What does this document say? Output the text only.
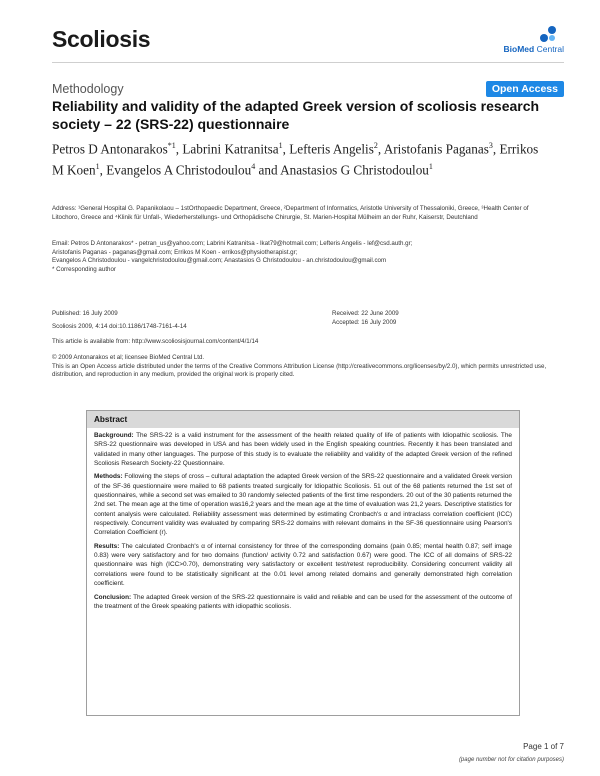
Scoliosis	BioMed Central
Methodology	Open Access
Reliability and validity of the adapted Greek version of scoliosis research society – 22 (SRS-22) questionnaire
Petros D Antonarakos$^{*1}$, Labrini Katranitsa$^1$, Lefteris Angelis$^2$, Aristofanis Paganas$^3$, Errikos M Koen$^1$, Evangelos A Christodoulou$^4$ and Anastasios G Christodoulou$^1$
Address: ¹General Hospital G. Papanikolaou – 1stOrthopaedic Department, Greece, ²Department of Informatics, Aristotle University of Thessaloniki, Greece, ³Health Center of Litochoro, Greece and ⁴Klinik für Unfall-, Wiederherstellungs- und Orthopädische Chirurgie, St. Marien-Hospital Mülheim an der Ruhr, Kaiserstr, Deutchland
Email: Petros D Antonarakos* - petran_us@yahoo.com; Labrini Katranitsa - lkat79@hotmail.com; Lefteris Angelis - lef@csd.auth.gr;
Aristofanis Paganas - paganas@gmail.com; Errikos M Koen - errikos@physiotherapist.gr;
Evangelos A Christodoulou - vangelchristodoulou@gmail.com; Anastasios G Christodoulou - an.christodoulou@gmail.com
* Corresponding author
Published: 16 July 2009
Scoliosis 2009, 4:14 doi:10.1186/1748-7161-4-14
Received: 22 June 2009
Accepted: 16 July 2009
This article is available from: http://www.scoliosisjournal.com/content/4/1/14
© 2009 Antonarakos et al; licensee BioMed Central Ltd.
This is an Open Access article distributed under the terms of the Creative Commons Attribution License (http://creativecommons.org/licenses/by/2.0), which permits unrestricted use, distribution, and reproduction in any medium, provided the original work is properly cited.
Abstract

Background: The SRS-22 is a valid instrument for the assessment of the health related quality of life of patients with Idiopathic scoliosis. The SRS-22 questionnaire was developed in USA and has been widely used in the English speaking countries. Recently it has been translated and validated in many other languages. The purpose of this study is to evaluate the reliability and validity of the adapted Greek version of the refined Scoliosis Research Society-22 Questionnaire.

Methods: Following the steps of cross – cultural adaptation the adapted Greek version of the SRS-22 questionnaire and a validated Greek version of the SF-36 questionnaire were mailed to 68 patients treated surgically for Idiopathic Scoliosis. 51 out of the 68 patients returned the 1st set of questionnaires, while a second set was emailed to 30 randomly selected patients of the first time responders. 20 out of the 30 patients returned the 2nd set. The mean age at the time of operation was16,2 years and the mean age at the time of evaluation was 21,2 years. Descriptive statistics for content analysis were calculated. Reliability assessment was determined by estimating Cronbach's α and intraclass correlation coefficient (ICC) respectively. Concurrent validity was evaluated by comparing SRS-22 domains with relevant domains in the SF-36 questionnaire using Pearson's Correlation Coefficient (r).

Results: The calculated Cronbach's α of internal consistency for three of the corresponding domains (pain 0.85; mental health 0.87; self image 0.83) were very satisfactory and for two domains (function/ activity 0.72 and satisfaction 0.67) were good. The ICC of all domains of SRS-22 questionnaire was high (ICC>0.70), demonstrating very satisfactory or excellent test/retest reproducibility. Considering concurrent validity all correlations were found to be statistically significant at the 0.01 level among related domains and generally demonstrated high correlation coefficient.

Conclusion: The adapted Greek version of the SRS-22 questionnaire is valid and reliable and can be used for the assessment of the outcome of the treatment of the Greek speaking patients with idiopathic scoliosis.

Page 1 of 7
(page number not for citation purposes)
